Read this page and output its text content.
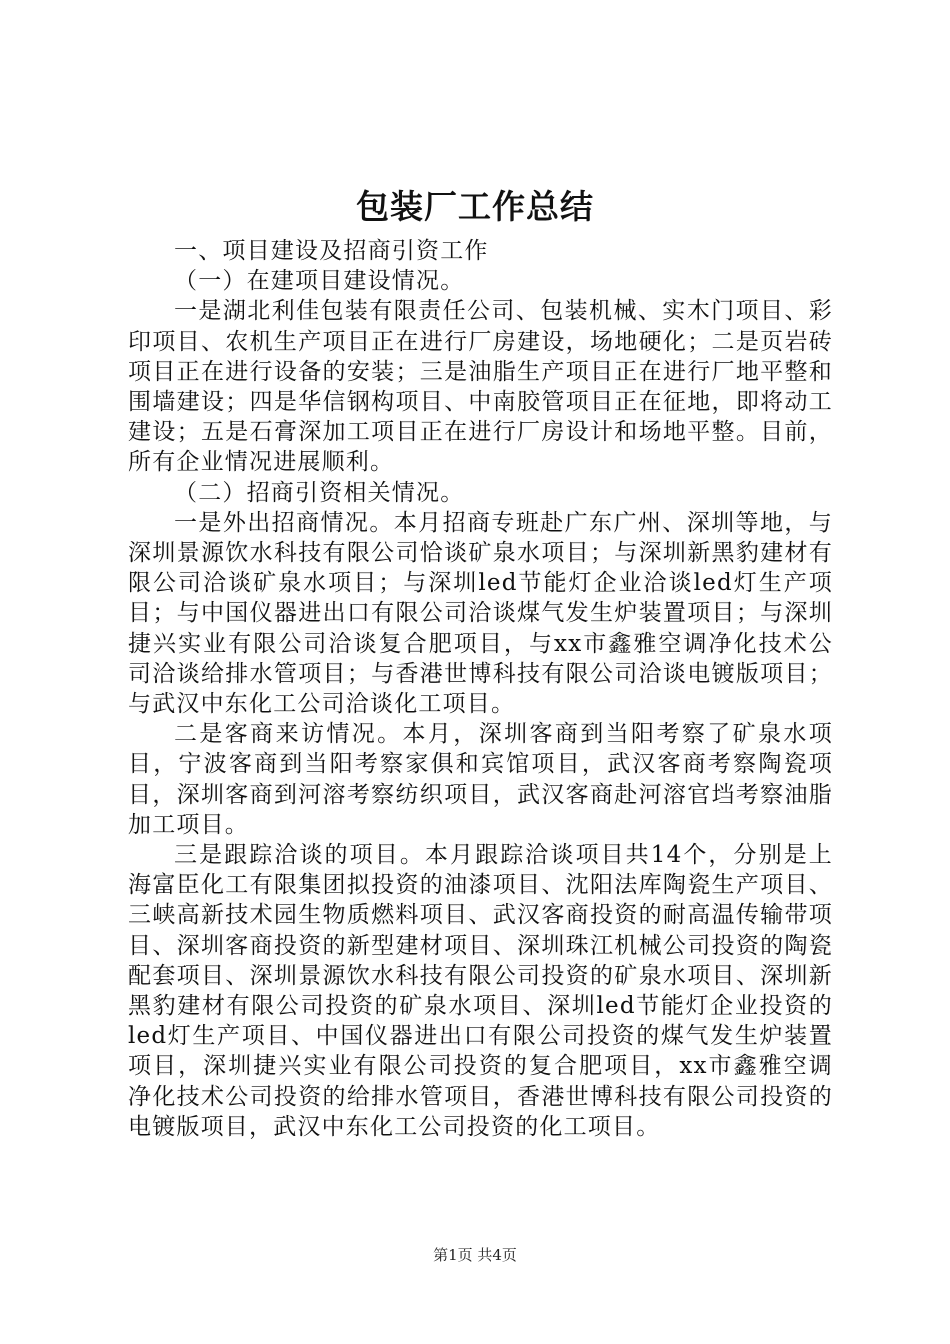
包装厂工作总结

一、项目建设及招商引资工作

（一）在建项目建设情况。

一是湖北利佳包装有限责任公司、包装机械、实木门项目、彩印项目、农机生产项目正在进行厂房建设，场地硬化；二是页岩砖项目正在进行设备的安装；三是油脂生产项目正在进行厂地平整和围墙建设；四是华信钢构项目、中南胶管项目正在征地，即将动工建设；五是石膏深加工项目正在进行厂房设计和场地平整。目前，所有企业情况进展顺利。

（二）招商引资相关情况。

一是外出招商情况。本月招商专班赴广东广州、深圳等地，与深圳景源饮水科技有限公司恰谈矿泉水项目；与深圳新黑豹建材有限公司洽谈矿泉水项目；与深圳led节能灯企业洽谈led灯生产项目；与中国仪器进出口有限公司洽谈煤气发生炉装置项目；与深圳捷兴实业有限公司洽谈复合肥项目，与xx市鑫雅空调净化技术公司洽谈给排水管项目；与香港世博科技有限公司洽谈电镀版项目；与武汉中东化工公司洽谈化工项目。

二是客商来访情况。本月，深圳客商到当阳考察了矿泉水项目，宁波客商到当阳考察家俱和宾馆项目，武汉客商考察陶瓷项目，深圳客商到河溶考察纺织项目，武汉客商赴河溶官垱考察油脂加工项目。

三是跟踪洽谈的项目。本月跟踪洽谈项目共14个，分别是上海富臣化工有限集团拟投资的油漆项目、沈阳法库陶瓷生产项目、三峡高新技术园生物质燃料项目、武汉客商投资的耐高温传输带项目、深圳客商投资的新型建材项目、深圳珠江机械公司投资的陶瓷配套项目、深圳景源饮水科技有限公司投资的矿泉水项目、深圳新黑豹建材有限公司投资的矿泉水项目、深圳led节能灯企业投资的led灯生产项目、中国仪器进出口有限公司投资的煤气发生炉装置项目，深圳捷兴实业有限公司投资的复合肥项目，xx市鑫雅空调净化技术公司投资的给排水管项目，香港世博科技有限公司投资的电镀版项目，武汉中东化工公司投资的化工项目。

第1页 共4页
